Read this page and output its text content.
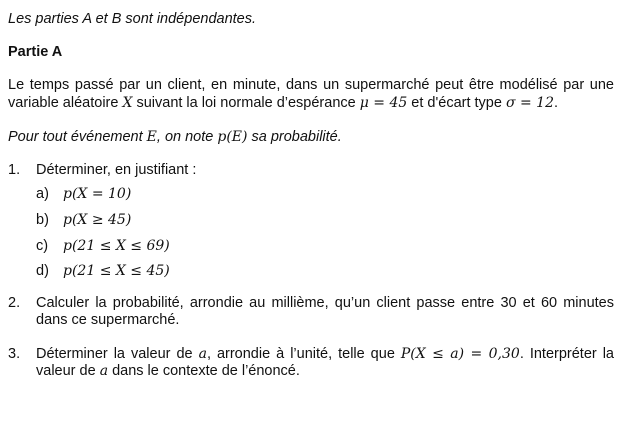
Les parties A et B sont indépendantes.
Partie A
Le temps passé par un client, en minute, dans un supermarché peut être modélisé par une variable aléatoire X suivant la loi normale d’espérance μ = 45 et d'écart type σ = 12.
Pour tout événement E, on note p(E) sa probabilité.
1. Déterminer, en justifiant :
a) p(X = 10)
b) p(X ≥ 45)
c) p(21 ≤ X ≤ 69)
d) p(21 ≤ X ≤ 45)
2. Calculer la probabilité, arrondie au millième, qu’un client passe entre 30 et 60 minutes dans ce supermarché.
3. Déterminer la valeur de a, arrondie à l’unité, telle que P(X ≤ a) = 0,30. Interpréter la valeur de a dans le contexte de l’énoncé.
